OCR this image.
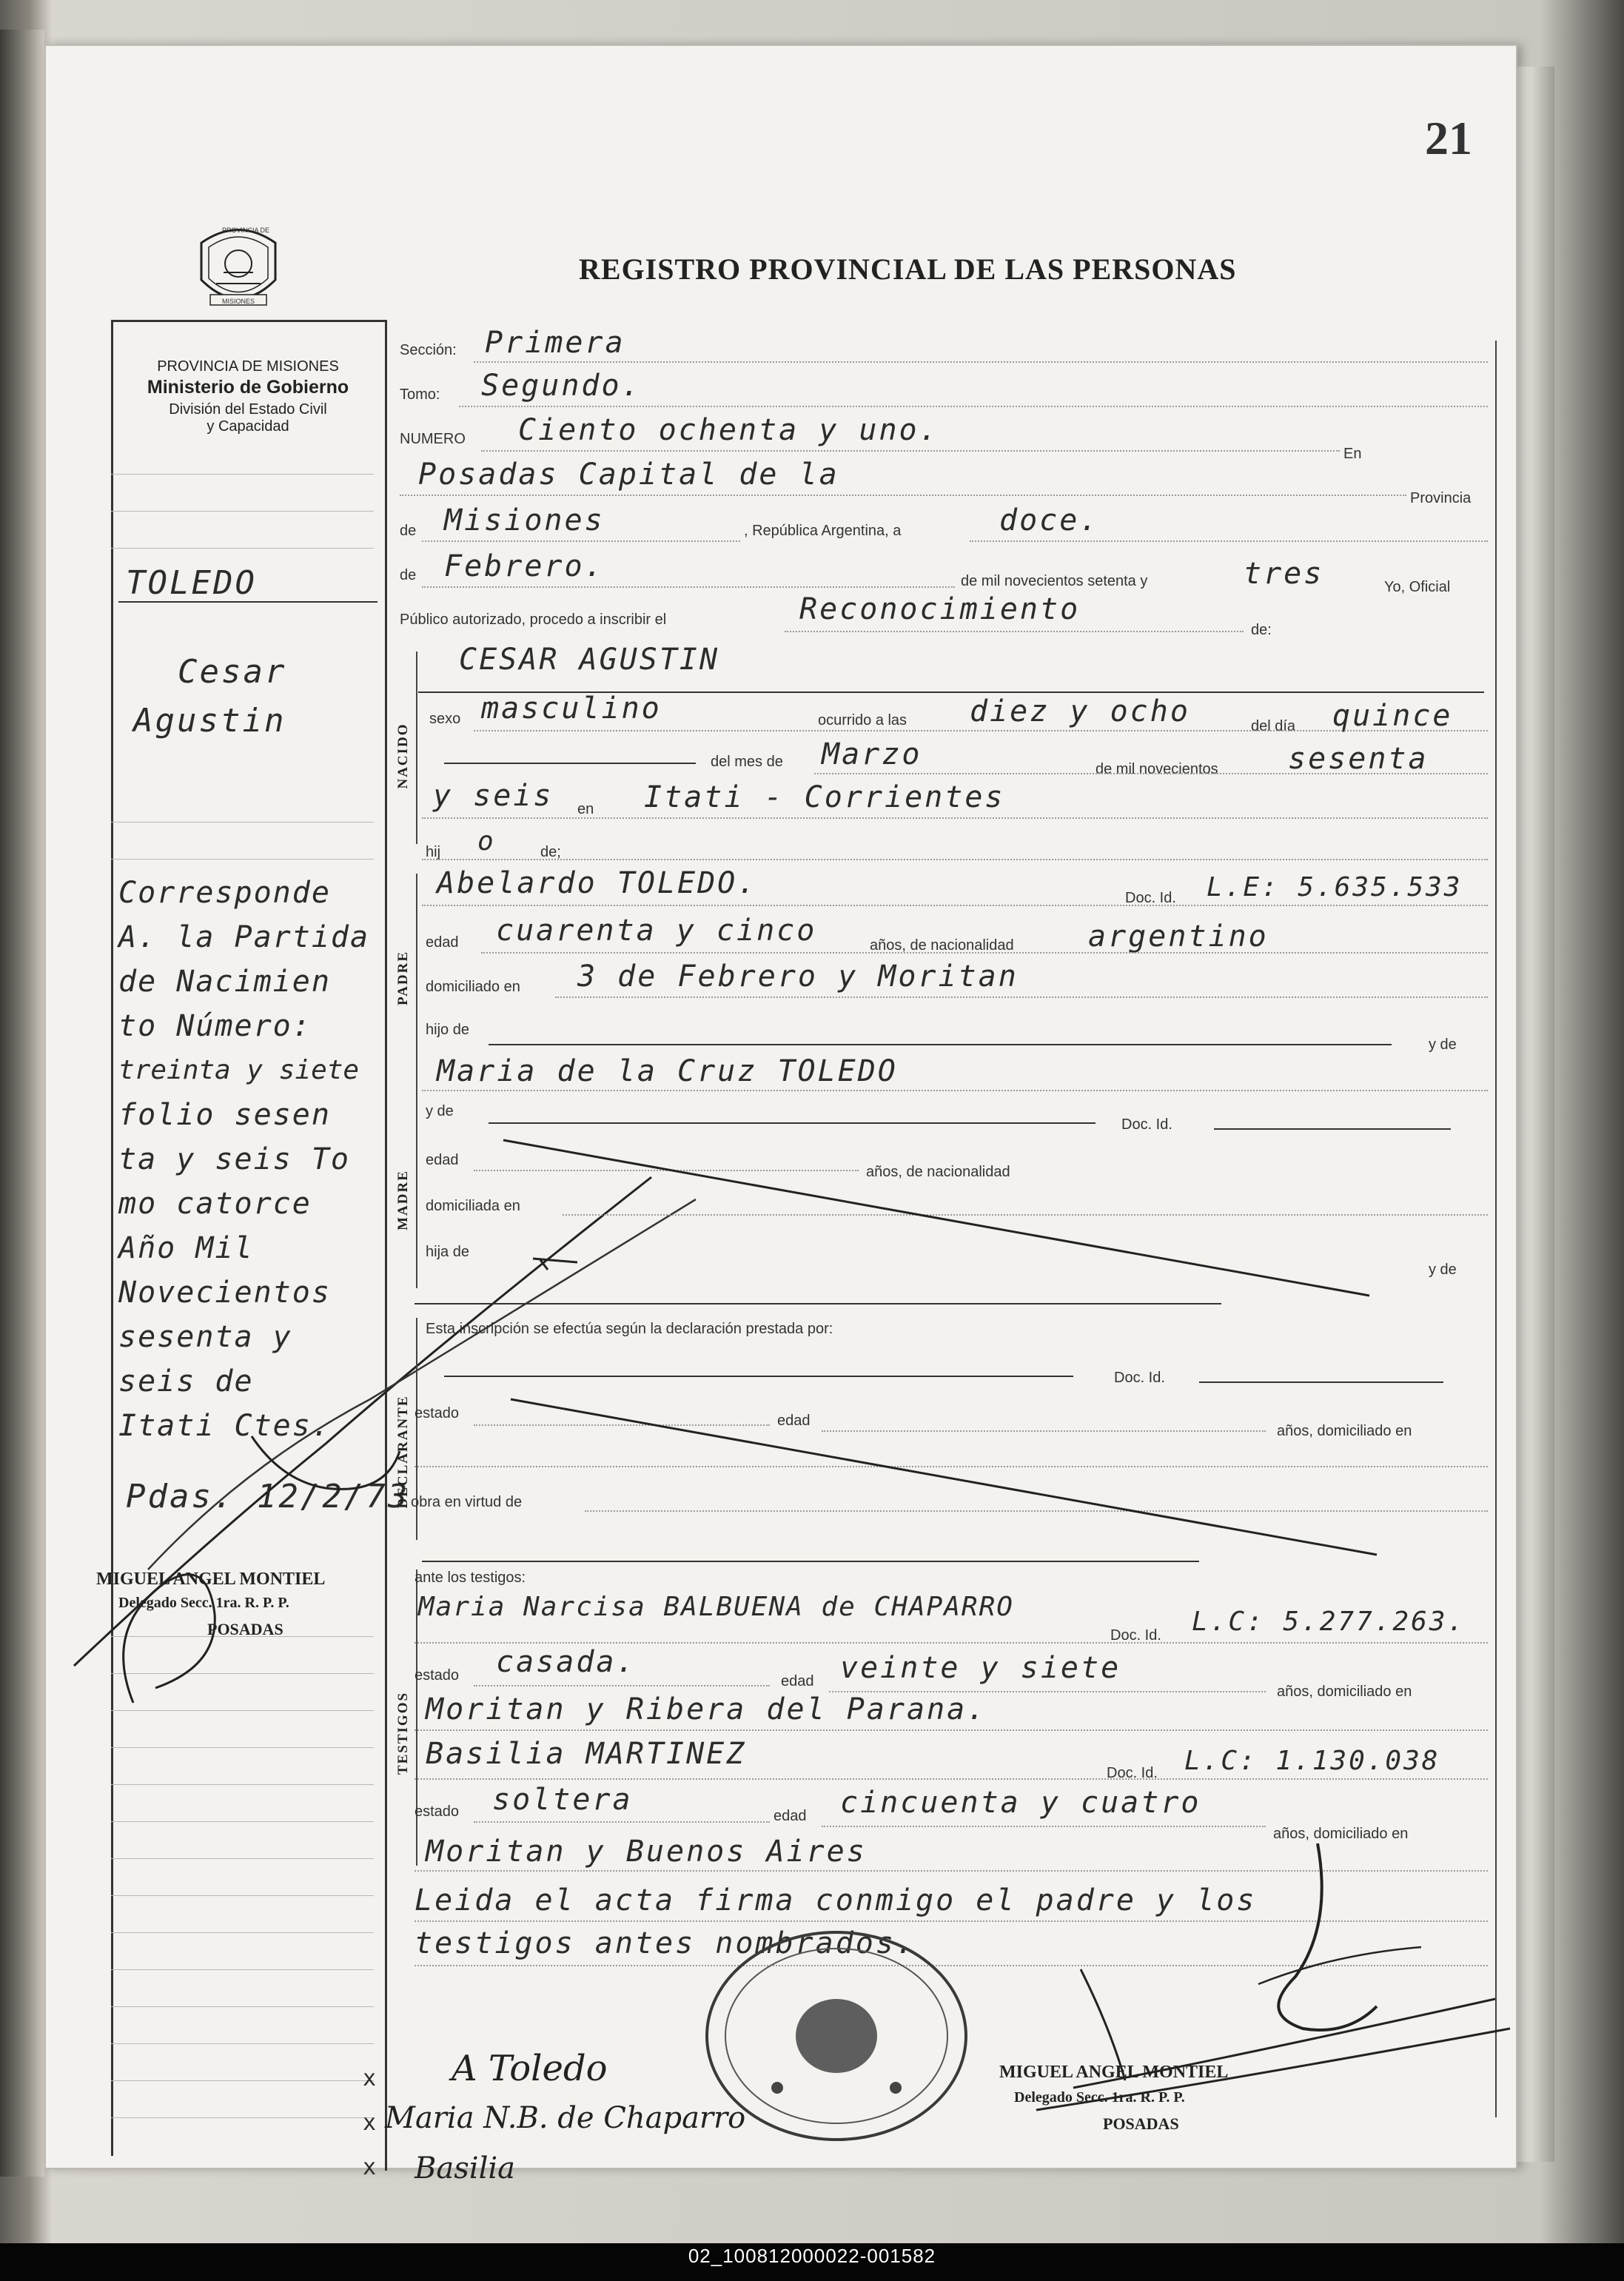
21
PROVINCIA DE
MISIONES
REGISTRO PROVINCIAL DE LAS PERSONAS
PROVINCIA DE MISIONES
Ministerio de Gobierno
División del Estado Civil
y Capacidad
TOLEDO
Cesar
Agustin
Corresponde
A. la Partida
de Nacimien
to Número:
treinta y siete
folio sesen
ta y seis To
mo catorce
Año Mil
Novecientos
sesenta y
seis de
Itati Ctes.
Pdas. 12/2/73
MIGUEL ANGEL MONTIEL
Delegado Secc. 1ra. R. P. P.
POSADAS
NACIDO
PADRE
MADRE
DECLARANTE
TESTIGOS
Sección: Primera
Tomo: Segundo.
NUMERO Ciento ochenta y uno.
En
Posadas Capital de la
Provincia
de Misiones	, República Argentina, a	doce.
de Febrero.	de mil novecientos setenta y	tres	Yo, Oficial
Público autorizado, procedo a inscribir el	Reconocimiento
de:
CESAR AGUSTIN
sexo masculino	ocurrido a las diez y ocho	del día quince
del mes de Marzo	de mil novecientos sesenta
y seis en Itati - Corrientes
hij o	de;
Abelardo TOLEDO.	Doc. Id. L.E: 5.635.533
edad cuarenta y cinco	años, de nacionalidad	argentino
domiciliado en 3 de Febrero y Moritan
hijo de
y de
Maria de la Cruz TOLEDO
y de
Doc. Id.
edad
años, de nacionalidad
domiciliada en
hija de
y de
Esta inscripción se efectúa según la declaración prestada por:
Doc. Id.
estado	edad
años, domiciliado en
obra en virtud de
ante los testigos:
Maria Narcisa BALBUENA de CHAPARRO
Doc. Id. L.C: 5.277.263.
estado casada.
edad veinte y siete
años, domiciliado en
Moritan y Ribera del Parana.
Basilia MARTINEZ
Doc. Id. L.C: 1.130.038
estado soltera	edad cincuenta y cuatro
años, domiciliado en
Moritan y Buenos Aires
Leida el acta firma conmigo el padre y los
testigos antes nombrados.
MIGUEL ANGEL MONTIEL
Delegado Secc. 1ra. R. P. P.
POSADAS
x
x
x
A Toledo
Maria N.B. de Chaparro
Basilia
02_100812000022-001582
